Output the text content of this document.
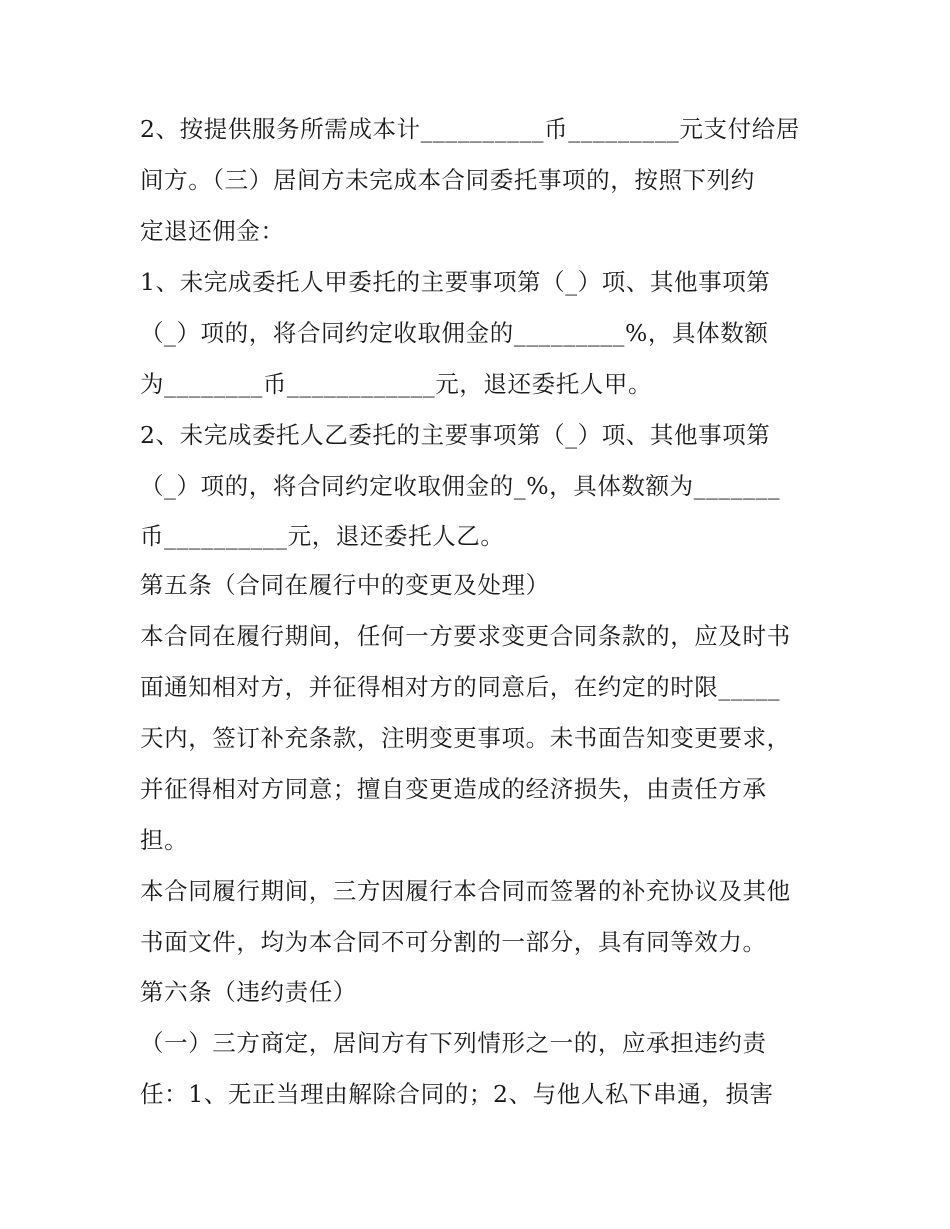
2、按提供服务所需成本计__________币_________元支付给居

间方。（三）居间方未完成本合同委托事项的，按照下列约

定退还佣金：

1、未完成委托人甲委托的主要事项第（_）项、其他事项第

（_）项的，将合同约定收取佣金的_________%，具体数额

为________币____________元，退还委托人甲。

2、未完成委托人乙委托的主要事项第（_）项、其他事项第

（_）项的，将合同约定收取佣金的_%，具体数额为_______

币__________元，退还委托人乙。

第五条（合同在履行中的变更及处理）

本合同在履行期间，任何一方要求变更合同条款的，应及时书

面通知相对方，并征得相对方的同意后，在约定的时限_____

天内，签订补充条款，注明变更事项。未书面告知变更要求，

并征得相对方同意；擅自变更造成的经济损失，由责任方承

担。

本合同履行期间，三方因履行本合同而签署的补充协议及其他

书面文件，均为本合同不可分割的一部分，具有同等效力。

第六条（违约责任）

（一）三方商定，居间方有下列情形之一的，应承担违约责

任：1、无正当理由解除合同的；2、与他人私下串通，损害
